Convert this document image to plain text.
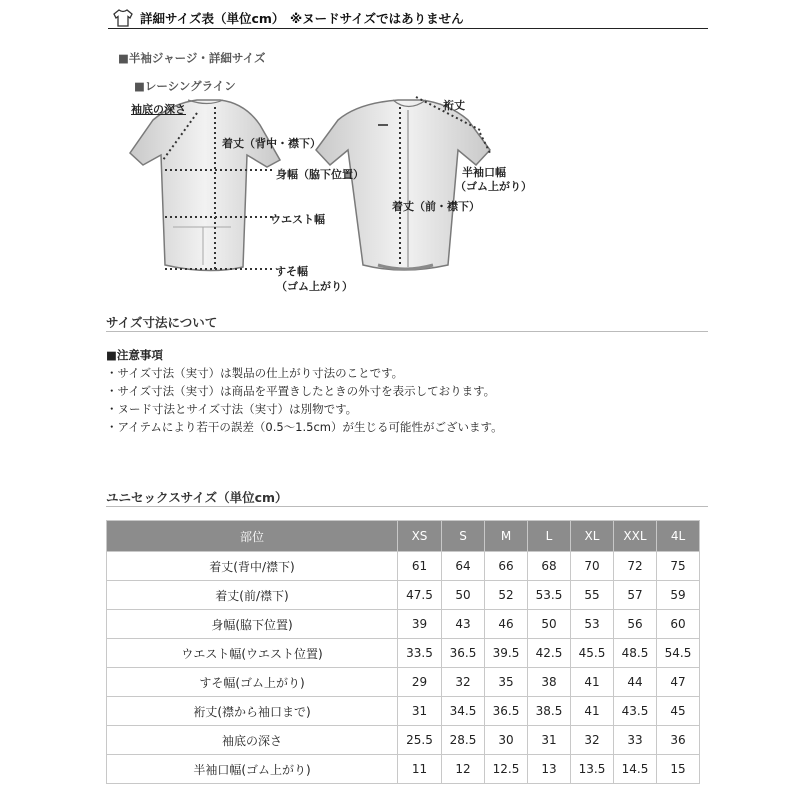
詳細サイズ表（単位cm） ※ヌードサイズではありません
■半袖ジャージ・詳細サイズ
■レーシングライン
袖底の深さ
着丈（背中・襟下）
身幅（脇下位置）
ウエスト幅
すそ幅
（ゴム上がり）
裄丈
半袖口幅
（ゴム上がり）
着丈（前・襟下）
サイズ寸法について
■注意事項
・サイズ寸法（実寸）は製品の仕上がり寸法のことです。
・サイズ寸法（実寸）は商品を平置きしたときの外寸を表示しております。
・ヌード寸法とサイズ寸法（実寸）は別物です。
・アイテムにより若干の誤差（0.5〜1.5cm）が生じる可能性がございます。
ユニセックスサイズ（単位cm）
部位	XS	S	M	L	XL	XXL	4L
着丈(背中/襟下)	61	64	66	68	70	72	75
着丈(前/襟下)	47.5	50	52	53.5	55	57	59
身幅(脇下位置)	39	43	46	50	53	56	60
ウエスト幅(ウエスト位置)	33.5	36.5	39.5	42.5	45.5	48.5	54.5
すそ幅(ゴム上がり)	29	32	35	38	41	44	47
裄丈(襟から袖口まで)	31	34.5	36.5	38.5	41	43.5	45
袖底の深さ	25.5	28.5	30	31	32	33	36
半袖口幅(ゴム上がり)	11	12	12.5	13	13.5	14.5	15
